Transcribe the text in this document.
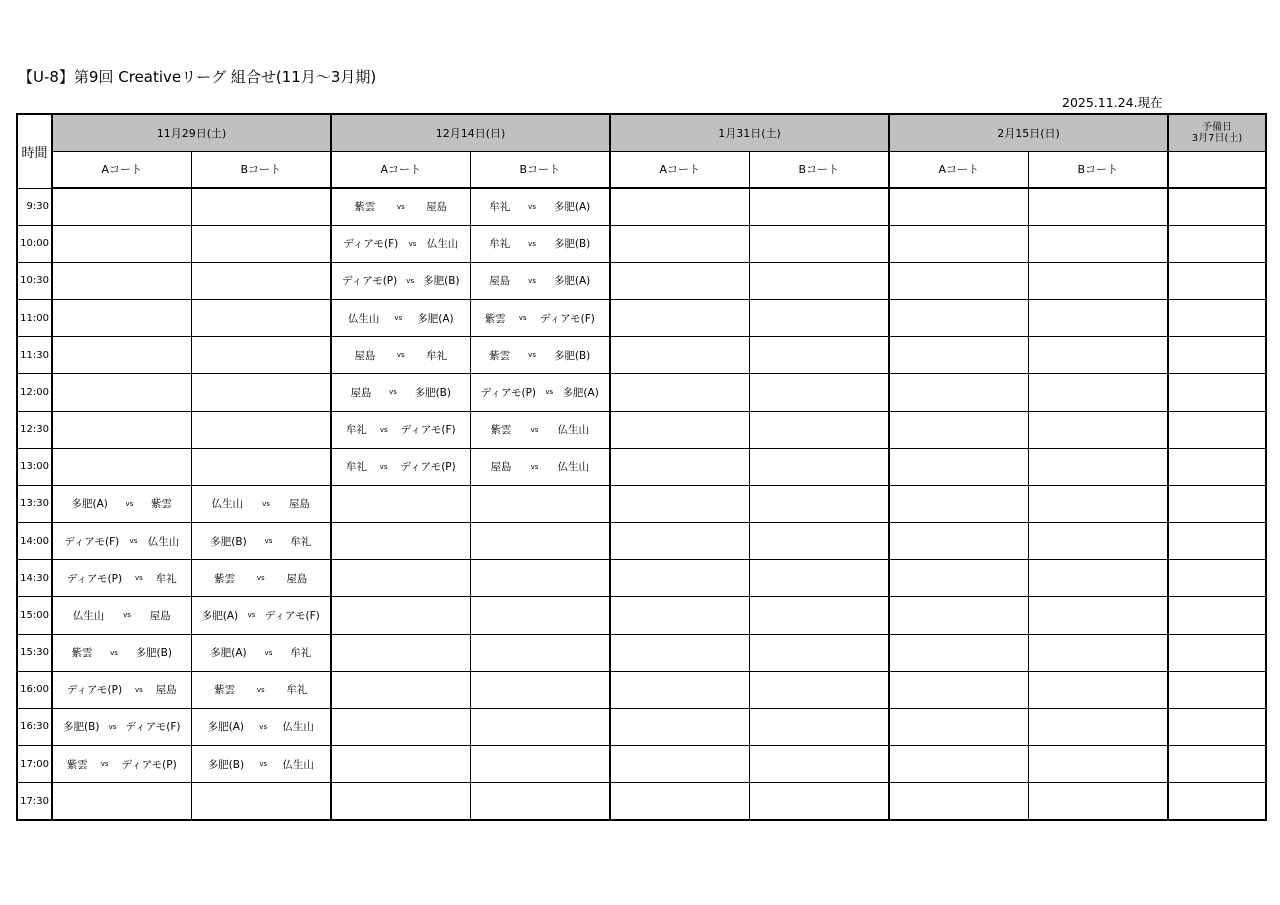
【U-8】第9回 Creativeリーグ 組合せ(11月～3月期)
2025.11.24.現在
時間	11月29日(土)		12月14日(日)		1月31日(土)		2月15日(日)		予備日
3月7日(土)

	Aコート	Bコート	Aコート	Bコート	Aコート	Bコート	Aコート	Bコート	
9:30			紫雲 vs 屋島	牟礼 vs 多肥(A)					

10:00			ディアモ(F) vs 仏生山	牟礼 vs 多肥(B)					

10:30			ディアモ(P) vs 多肥(B)	屋島 vs 多肥(A)					

11:00			仏生山 vs 多肥(A)	紫雲 vs ディアモ(F)					

11:30			屋島 vs 牟礼	紫雲 vs 多肥(B)					

12:00			屋島 vs 多肥(B)	ディアモ(P) vs 多肥(A)					

12:30			牟礼 vs ディアモ(F)	紫雲 vs 仏生山					

13:00			牟礼 vs ディアモ(P)	屋島 vs 仏生山					

13:30	多肥(A) vs 紫雲	仏生山 vs 屋島							

14:00	ディアモ(F) vs 仏生山	多肥(B) vs 牟礼							

14:30	ディアモ(P) vs 牟礼	紫雲 vs 屋島							

15:00	仏生山 vs 屋島	多肥(A) vs ディアモ(F)							

15:30	紫雲 vs 多肥(B)	多肥(A) vs 牟礼							

16:00	ディアモ(P) vs 屋島	紫雲 vs 牟礼							

16:30	多肥(B) vs ディアモ(F)	多肥(A) vs 仏生山							

17:00	紫雲 vs ディアモ(P)	多肥(B) vs 仏生山							

17:30									
